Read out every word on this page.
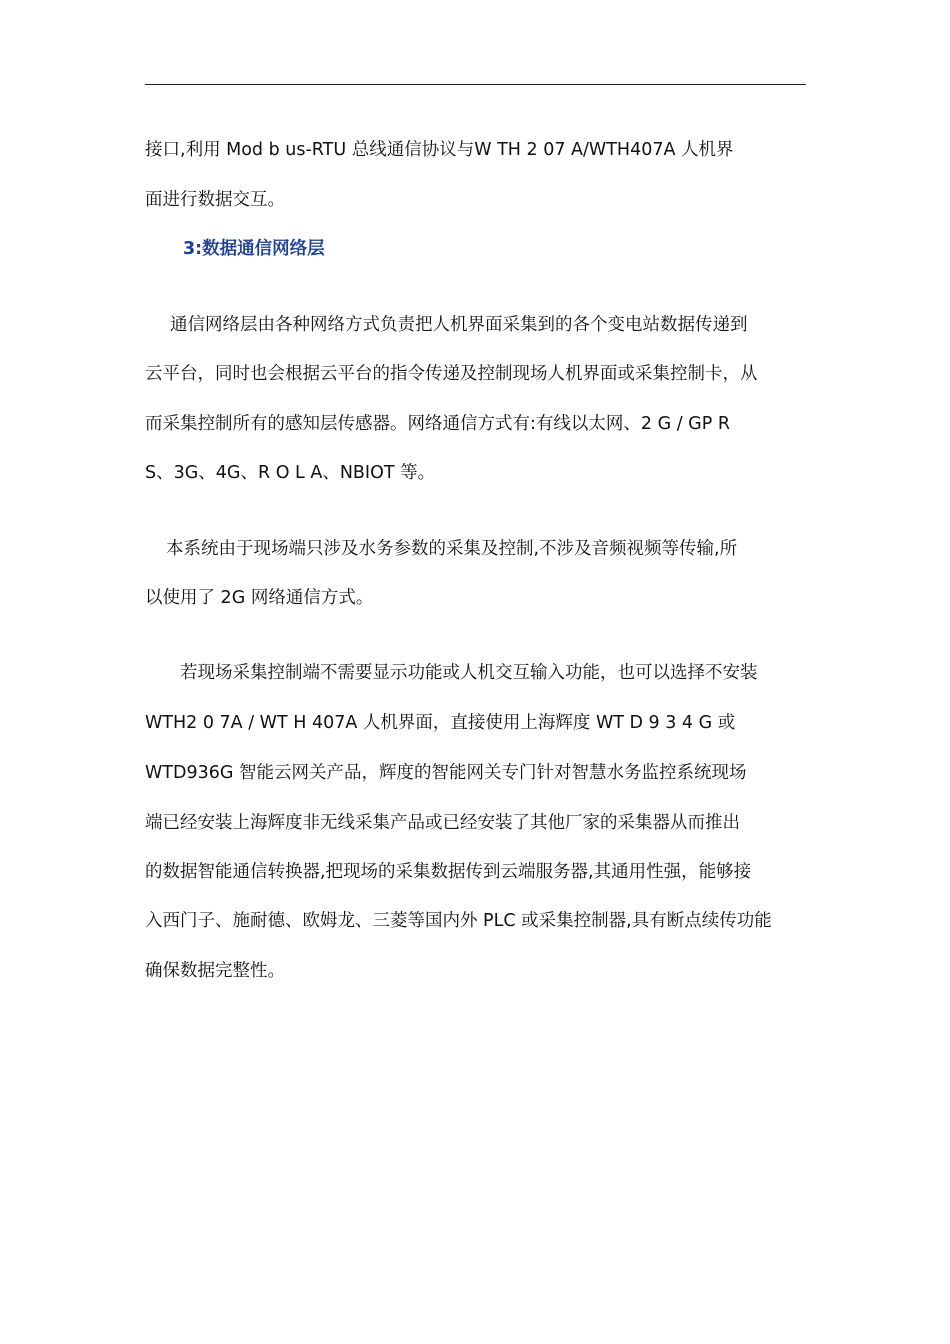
接口,利用 Mod b us-RTU 总线通信协议与W TH 2 07 A/WTH407A 人机界
面进行数据交互。
3:数据通信网络层
通信网络层由各种网络方式负责把人机界面采集到的各个变电站数据传递到
云平台，同时也会根据云平台的指令传递及控制现场人机界面或采集控制卡，从
而采集控制所有的感知层传感器。网络通信方式有:有线以太网、2 G / GP R
S、3G、4G、R O L A、NBIOT 等。
本系统由于现场端只涉及水务参数的采集及控制,不涉及音频视频等传输,所
以使用了 2G 网络通信方式。
若现场采集控制端不需要显示功能或人机交互输入功能，也可以选择不安装
WTH2 0 7A / WT H 407A 人机界面，直接使用上海辉度 WT D 9 3 4 G 或
WTD936G 智能云网关产品，辉度的智能网关专门针对智慧水务监控系统现场
端已经安装上海辉度非无线采集产品或已经安装了其他厂家的采集器从而推出
的数据智能通信转换器,把现场的采集数据传到云端服务器,其通用性强，能够接
入西门子、施耐德、欧姆龙、三菱等国内外 PLC 或采集控制器,具有断点续传功能
确保数据完整性。
